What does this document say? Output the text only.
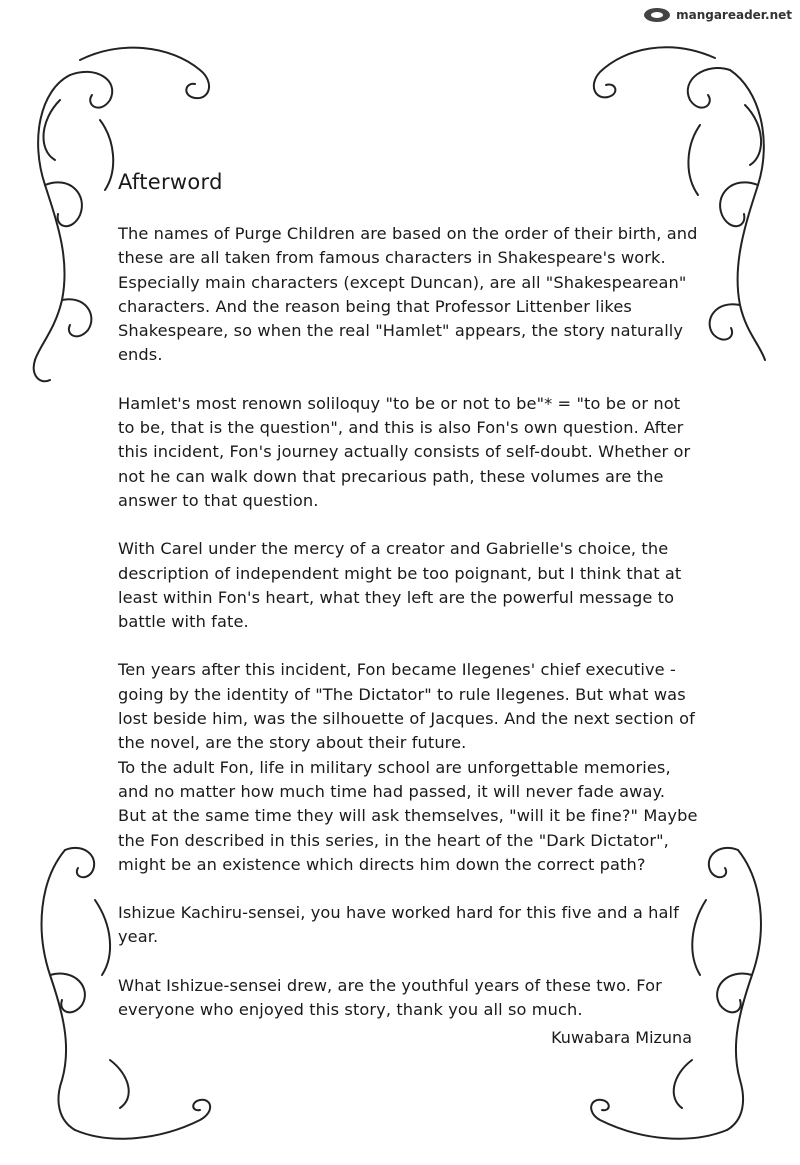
mangareader.net
Afterword

The names of Purge Children are based on the order of their birth, and these are all taken from famous characters in Shakespeare's work. Especially main characters (except Duncan), are all "Shakespearean" characters. And the reason being that Professor Littenber likes Shakespeare, so when the real "Hamlet" appears, the story naturally ends.

Hamlet's most renown soliloquy "to be or not to be"* = "to be or not to be, that is the question", and this is also Fon's own question. After this incident, Fon's journey actually consists of self-doubt. Whether or not he can walk down that precarious path, these volumes are the answer to that question.

With Carel under the mercy of a creator and Gabrielle's choice, the description of independent might be too poignant, but I think that at least within Fon's heart, what they left are the powerful message to battle with fate.

Ten years after this incident, Fon became Ilegenes' chief executive -going by the identity of "The Dictator" to rule Ilegenes. But what was lost beside him, was the silhouette of Jacques. And the next section of the novel, are the story about their future.

To the adult Fon, life in military school are unforgettable memories, and no matter how much time had passed, it will never fade away. But at the same time they will ask themselves, "will it be fine?" Maybe the Fon described in this series, in the heart of the "Dark Dictator", might be an existence which directs him down the correct path?

Ishizue Kachiru-sensei, you have worked hard for this five and a half year.

What Ishizue-sensei drew, are the youthful years of these two. For everyone who enjoyed this story, thank you all so much.

Kuwabara Mizuna
